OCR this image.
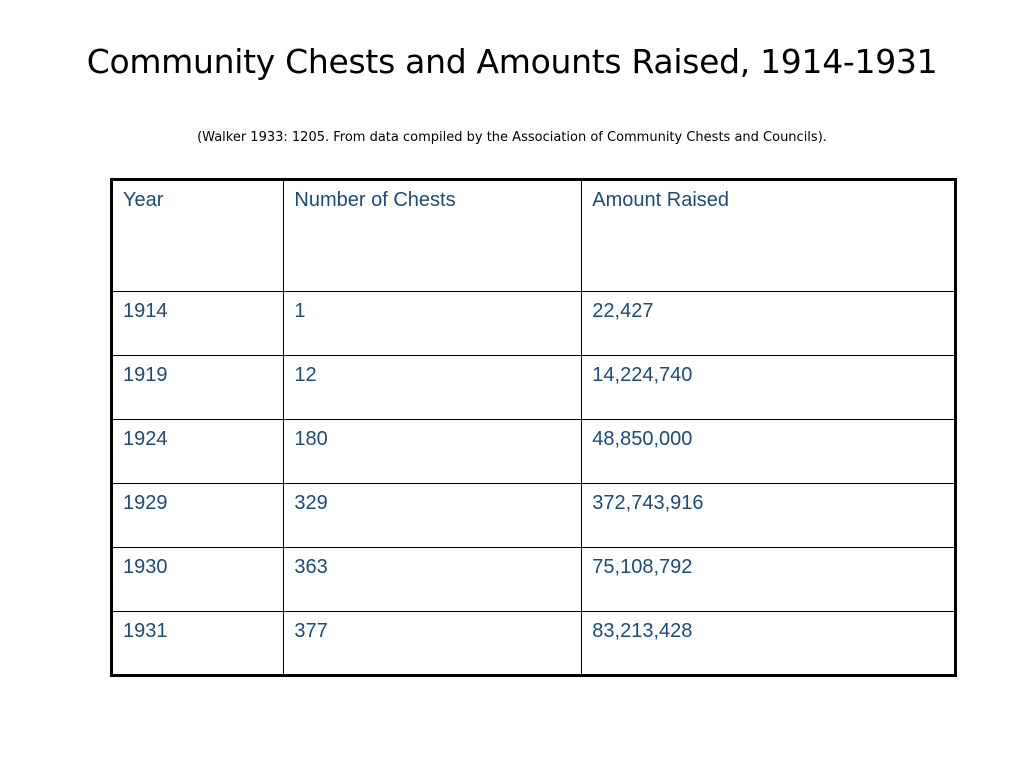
Community Chests and Amounts Raised, 1914-1931
(Walker 1933: 1205. From data compiled by the Association of Community Chests and Councils).
Year	Number of Chests	Amount Raised
1914	1	22,427
1919	12	14,224,740
1924	180	48,850,000
1929	329	372,743,916
1930	363	75,108,792
1931	377	83,213,428
